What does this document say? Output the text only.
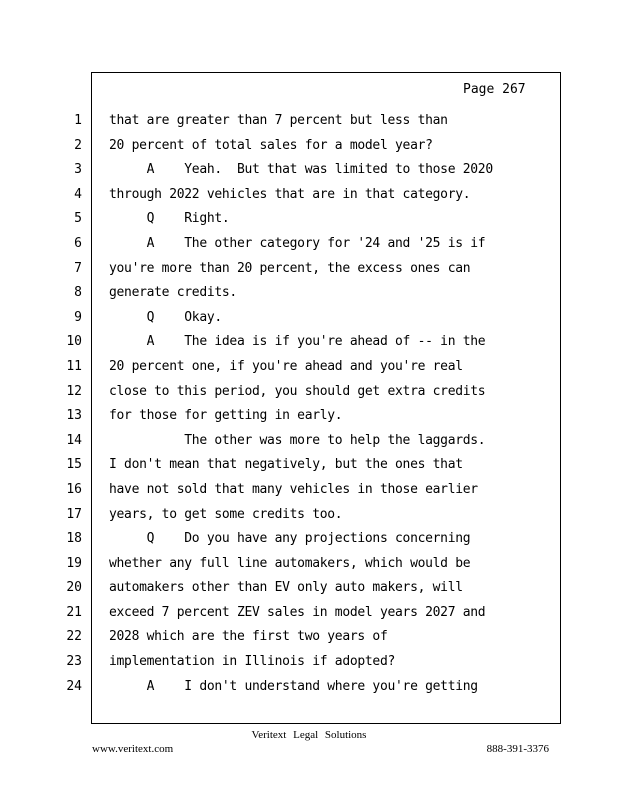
Page 267
1
2
3
4
5
6
7
8
9
10
11
12
13
14
15
16
17
18
19
20
21
22
23
24
that are greater than 7 percent but less than
20 percent of total sales for a model year?
A    Yeah.  But that was limited to those 2020
through 2022 vehicles that are in that category.
Q    Right.
A    The other category for '24 and '25 is if
you're more than 20 percent, the excess ones can
generate credits.
Q    Okay.
A    The idea is if you're ahead of -- in the
20 percent one, if you're ahead and you're real
close to this period, you should get extra credits
for those for getting in early.
The other was more to help the laggards.
I don't mean that negatively, but the ones that
have not sold that many vehicles in those earlier
years, to get some credits too.
Q    Do you have any projections concerning
whether any full line automakers, which would be
automakers other than EV only auto makers, will
exceed 7 percent ZEV sales in model years 2027 and
2028 which are the first two years of
implementation in Illinois if adopted?
A    I don't understand where you're getting
Veritext Legal Solutions
www.veritext.com	888-391-3376
